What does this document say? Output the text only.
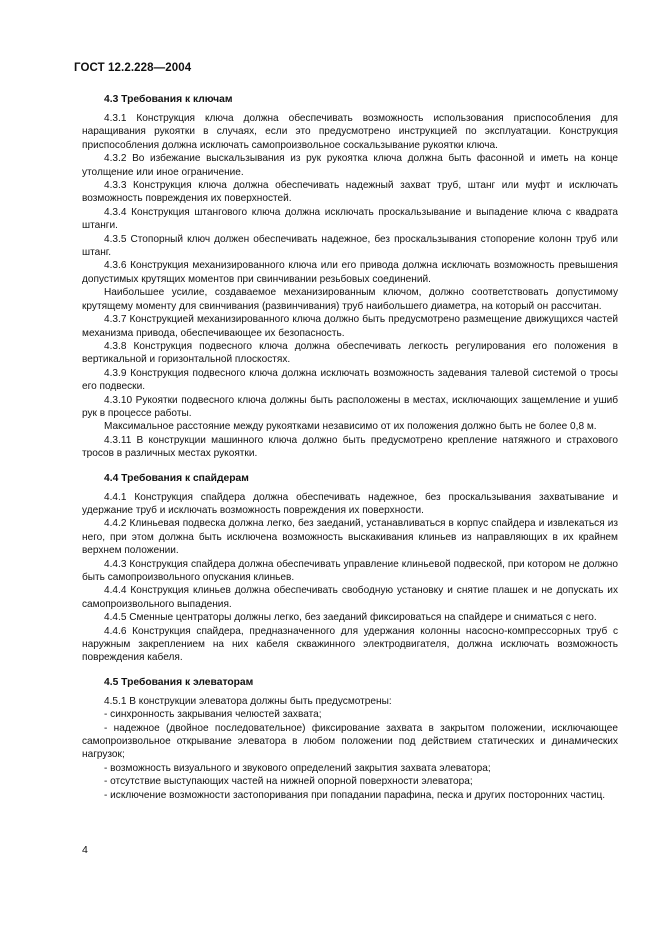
ГОСТ 12.2.228—2004
4.3 Требования к ключам

4.3.1 Конструкция ключа должна обеспечивать возможность использования приспособления для наращивания рукоятки в случаях, если это предусмотрено инструкцией по эксплуатации. Конструкция приспособления должна исключать самопроизвольное соскальзывание рукоятки ключа.

4.3.2 Во избежание выскальзывания из рук рукоятка ключа должна быть фасонной и иметь на конце утолщение или иное ограничение.

4.3.3 Конструкция ключа должна обеспечивать надежный захват труб, штанг или муфт и исключать возможность повреждения их поверхностей.

4.3.4 Конструкция штангового ключа должна исключать проскальзывание и выпадение ключа с квадрата штанги.

4.3.5 Стопорный ключ должен обеспечивать надежное, без проскальзывания стопорение колонн труб или штанг.

4.3.6 Конструкция механизированного ключа или его привода должна исключать возможность превышения допустимых крутящих моментов при свинчивании резьбовых соединений.

Наибольшее усилие, создаваемое механизированным ключом, должно соответствовать допустимому крутящему моменту для свинчивания (развинчивания) труб наибольшего диаметра, на который он рассчитан.

4.3.7 Конструкцией механизированного ключа должно быть предусмотрено размещение движущихся частей механизма привода, обеспечивающее их безопасность.

4.3.8 Конструкция подвесного ключа должна обеспечивать легкость регулирования его положения в вертикальной и горизонтальной плоскостях.

4.3.9 Конструкция подвесного ключа должна исключать возможность задевания талевой системой о тросы его подвески.

4.3.10 Рукоятки подвесного ключа должны быть расположены в местах, исключающих защемление и ушиб рук в процессе работы.

Максимальное расстояние между рукоятками независимо от их положения должно быть не более 0,8 м.

4.3.11 В конструкции машинного ключа должно быть предусмотрено крепление натяжного и страхового тросов в различных местах рукоятки.

4.4 Требования к спайдерам

4.4.1 Конструкция спайдера должна обеспечивать надежное, без проскальзывания захватывание и удержание труб и исключать возможность повреждения их поверхности.

4.4.2 Клиньевая подвеска должна легко, без заеданий, устанавливаться в корпус спайдера и извлекаться из него, при этом должна быть исключена возможность выскакивания клиньев из направляющих в их крайнем верхнем положении.

4.4.3 Конструкция спайдера должна обеспечивать управление клиньевой подвеской, при котором не должно быть самопроизвольного опускания клиньев.

4.4.4 Конструкция клиньев должна обеспечивать свободную установку и снятие плашек и не допускать их самопроизвольного выпадения.

4.4.5 Сменные центраторы должны легко, без заеданий фиксироваться на спайдере и сниматься с него.

4.4.6 Конструкция спайдера, предназначенного для удержания колонны насосно-компрессорных труб с наружным закреплением на них кабеля скважинного электродвигателя, должна исключать возможность повреждения кабеля.

4.5 Требования к элеваторам

4.5.1 В конструкции элеватора должны быть предусмотрены:

- синхронность закрывания челюстей захвата;

- надежное (двойное последовательное) фиксирование захвата в закрытом положении, исключающее самопроизвольное открывание элеватора в любом положении под действием статических и динамических нагрузок;

- возможность визуального и звукового определений закрытия захвата элеватора;

- отсутствие выступающих частей на нижней опорной поверхности элеватора;

- исключение возможности застопоривания при попадании парафина, песка и других посторонних частиц.

4
